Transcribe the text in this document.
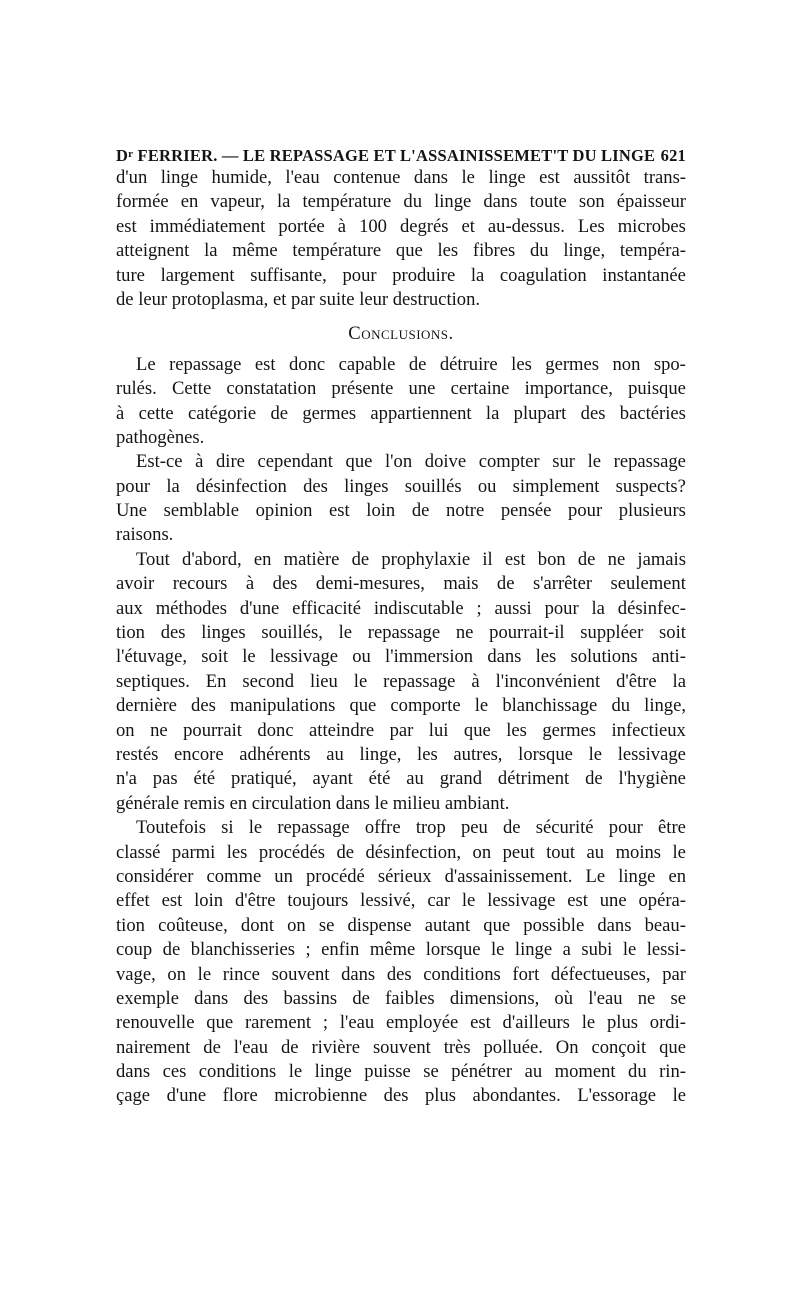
$D^r$ FERRIER. — LE REPASSAGE ET L'ASSAINISSEMET'T DU LINGE 621
d'un linge humide, l'eau contenue dans le linge est aussitôt trans-
formée en vapeur, la température du linge dans toute son épaisseur
est immédiatement portée à 100 degrés et au-dessus. Les microbes
atteignent la même température que les fibres du linge, tempéra-
ture largement suffisante, pour produire la coagulation instantanée
de leur protoplasma, et par suite leur destruction.
Conclusions.
Le repassage est donc capable de détruire les germes non spo-
rulés. Cette constatation présente une certaine importance, puisque
à cette catégorie de germes appartiennent la plupart des bactéries
pathogènes.
Est-ce à dire cependant que l'on doive compter sur le repassage
pour la désinfection des linges souillés ou simplement suspects?
Une semblable opinion est loin de notre pensée pour plusieurs
raisons.
Tout d'abord, en matière de prophylaxie il est bon de ne jamais
avoir recours à des demi-mesures, mais de s'arrêter seulement
aux méthodes d'une efficacité indiscutable ; aussi pour la désinfec-
tion des linges souillés, le repassage ne pourrait-il suppléer soit
l'étuvage, soit le lessivage ou l'immersion dans les solutions anti-
septiques. En second lieu le repassage à l'inconvénient d'être la
dernière des manipulations que comporte le blanchissage du linge,
on ne pourrait donc atteindre par lui que les germes infectieux
restés encore adhérents au linge, les autres, lorsque le lessivage
n'a pas été pratiqué, ayant été au grand détriment de l'hygiène
générale remis en circulation dans le milieu ambiant.
Toutefois si le repassage offre trop peu de sécurité pour être
classé parmi les procédés de désinfection, on peut tout au moins le
considérer comme un procédé sérieux d'assainissement. Le linge en
effet est loin d'être toujours lessivé, car le lessivage est une opéra-
tion coûteuse, dont on se dispense autant que possible dans beau-
coup de blanchisseries ; enfin même lorsque le linge a subi le lessi-
vage, on le rince souvent dans des conditions fort défectueuses, par
exemple dans des bassins de faibles dimensions, où l'eau ne se
renouvelle que rarement ; l'eau employée est d'ailleurs le plus ordi-
nairement de l'eau de rivière souvent très polluée. On conçoit que
dans ces conditions le linge puisse se pénétrer au moment du rin-
çage d'une flore microbienne des plus abondantes. L'essorage le
